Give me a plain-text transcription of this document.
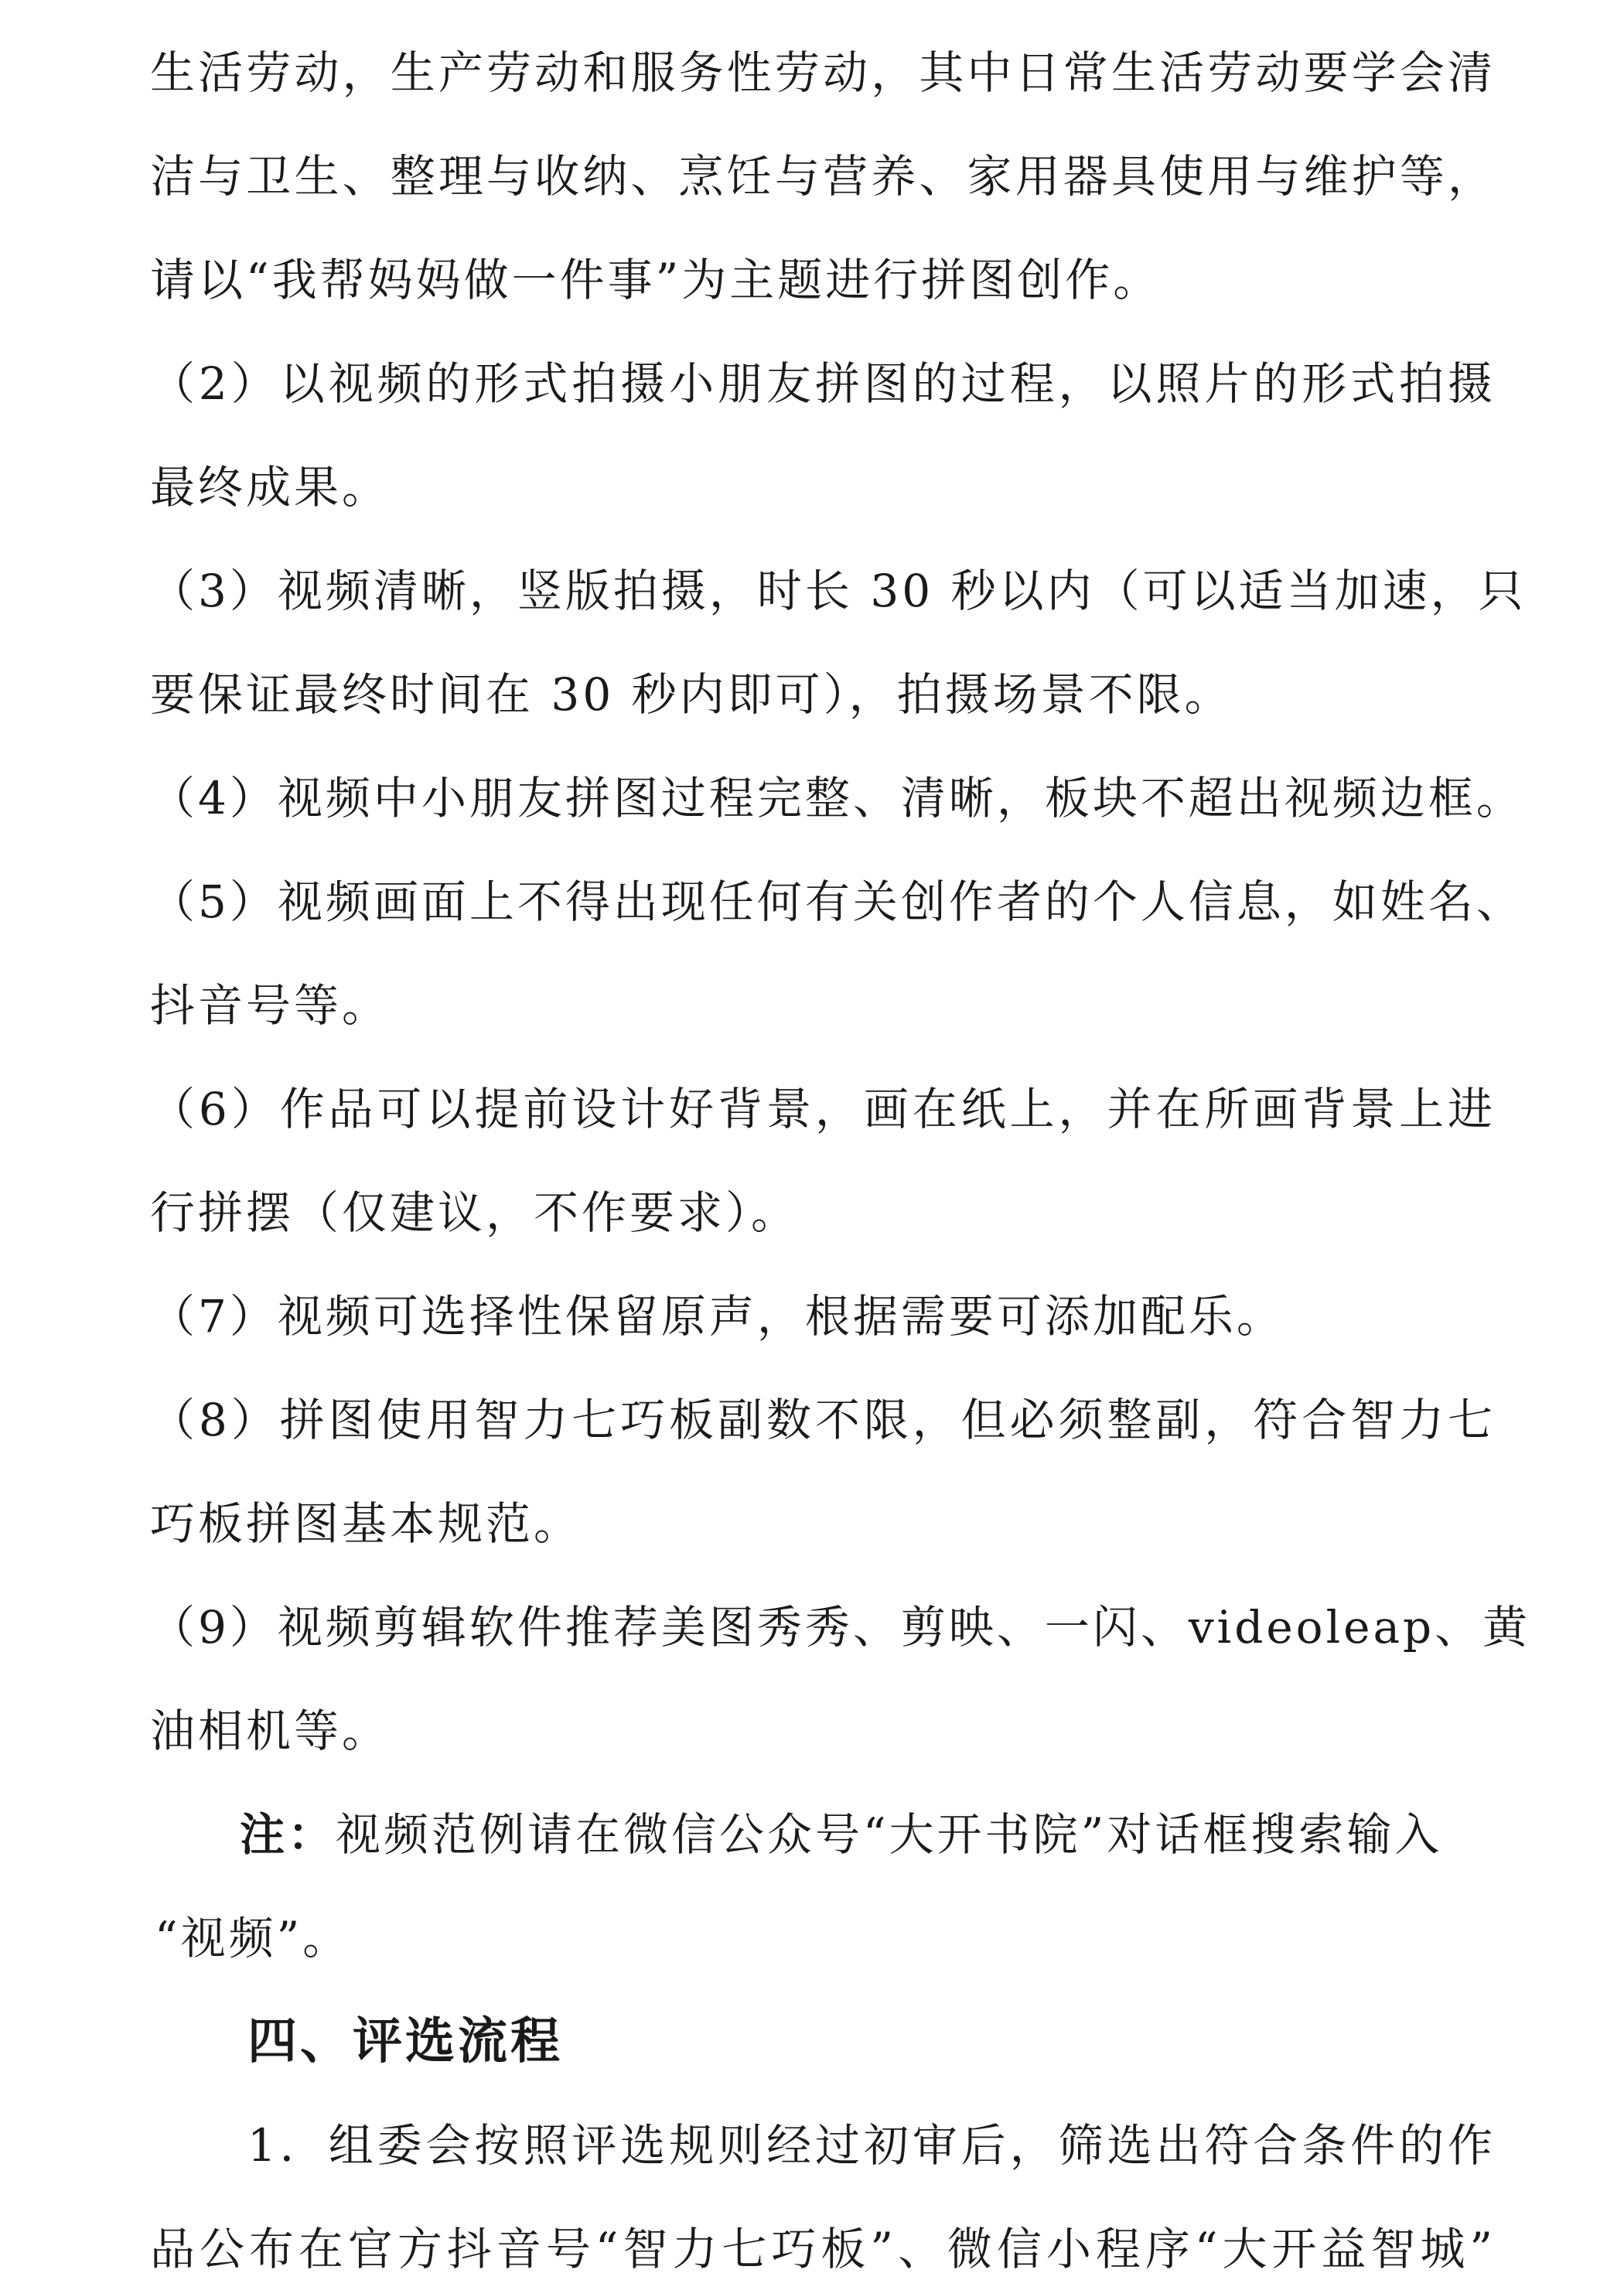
生活劳动，生产劳动和服务性劳动，其中日常生活劳动要学会清
洁与卫生、整理与收纳、烹饪与营养、家用器具使用与维护等，
请以“我帮妈妈做一件事”为主题进行拼图创作。
（2）以视频的形式拍摄小朋友拼图的过程，以照片的形式拍摄
最终成果。
（3）视频清晰，竖版拍摄，时长 30 秒以内（可以适当加速，只
要保证最终时间在 30 秒内即可），拍摄场景不限。
（4）视频中小朋友拼图过程完整、清晰，板块不超出视频边框。
（5）视频画面上不得出现任何有关创作者的个人信息，如姓名、
抖音号等。
（6）作品可以提前设计好背景，画在纸上，并在所画背景上进
行拼摆（仅建议，不作要求）。
（7）视频可选择性保留原声，根据需要可添加配乐。
（8）拼图使用智力七巧板副数不限，但必须整副，符合智力七
巧板拼图基本规范。
（9）视频剪辑软件推荐美图秀秀、剪映、一闪、videoleap、黄
油相机等。
注：视频范例请在微信公众号“大开书院”对话框搜索输入
“视频”。
四、评选流程
1．组委会按照评选规则经过初审后，筛选出符合条件的作
品公布在官方抖音号“智力七巧板”、微信小程序“大开益智城”
